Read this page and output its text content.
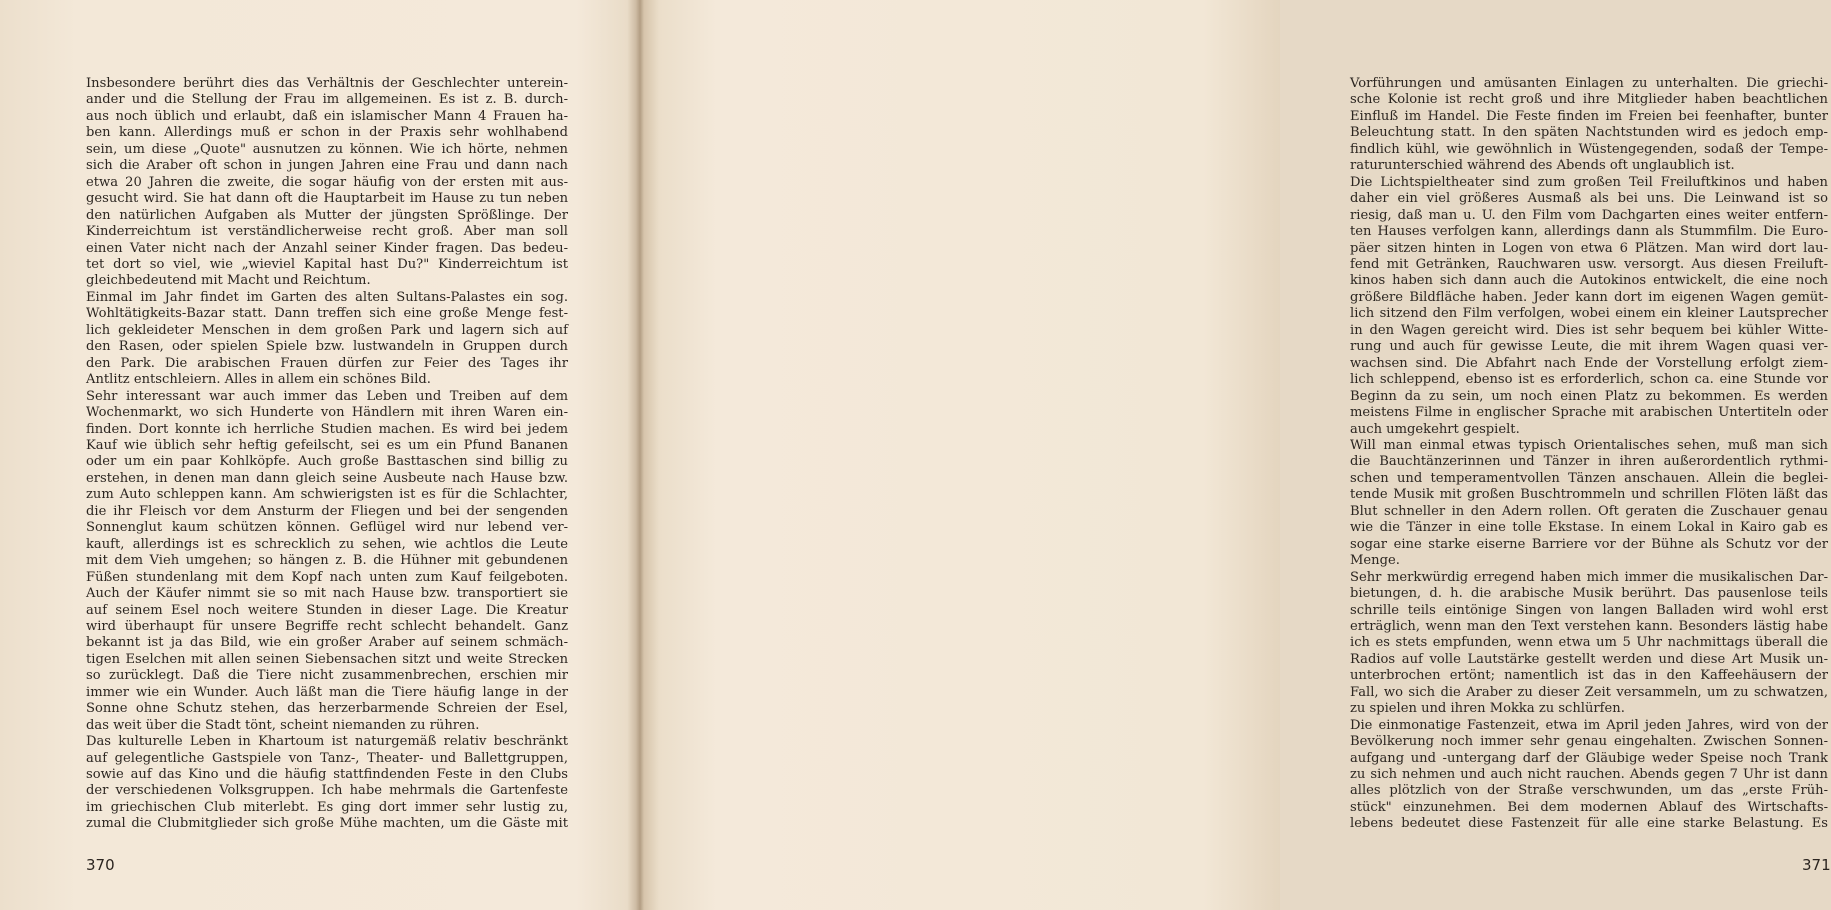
Insbesondere berührt dies das Verhältnis der Geschlechter unterein-
ander und die Stellung der Frau im allgemeinen. Es ist z. B. durch-
aus noch üblich und erlaubt, daß ein islamischer Mann 4 Frauen ha-
ben kann. Allerdings muß er schon in der Praxis sehr wohlhabend
sein, um diese „Quote" ausnutzen zu können. Wie ich hörte, nehmen
sich die Araber oft schon in jungen Jahren eine Frau und dann nach
etwa 20 Jahren die zweite, die sogar häufig von der ersten mit aus-
gesucht wird. Sie hat dann oft die Hauptarbeit im Hause zu tun neben
den natürlichen Aufgaben als Mutter der jüngsten Sprößlinge. Der
Kinderreichtum ist verständlicherweise recht groß. Aber man soll
einen Vater nicht nach der Anzahl seiner Kinder fragen. Das bedeu-
tet dort so viel, wie „wieviel Kapital hast Du?" Kinderreichtum ist
gleichbedeutend mit Macht und Reichtum.
Einmal im Jahr findet im Garten des alten Sultans-Palastes ein sog.
Wohltätigkeits-Bazar statt. Dann treffen sich eine große Menge fest-
lich gekleideter Menschen in dem großen Park und lagern sich auf
den Rasen, oder spielen Spiele bzw. lustwandeln in Gruppen durch
den Park. Die arabischen Frauen dürfen zur Feier des Tages ihr
Antlitz entschleiern. Alles in allem ein schönes Bild.
Sehr interessant war auch immer das Leben und Treiben auf dem
Wochenmarkt, wo sich Hunderte von Händlern mit ihren Waren ein-
finden. Dort konnte ich herrliche Studien machen. Es wird bei jedem
Kauf wie üblich sehr heftig gefeilscht, sei es um ein Pfund Bananen
oder um ein paar Kohlköpfe. Auch große Basttaschen sind billig zu
erstehen, in denen man dann gleich seine Ausbeute nach Hause bzw.
zum Auto schleppen kann. Am schwierigsten ist es für die Schlachter,
die ihr Fleisch vor dem Ansturm der Fliegen und bei der sengenden
Sonnenglut kaum schützen können. Geflügel wird nur lebend ver-
kauft, allerdings ist es schrecklich zu sehen, wie achtlos die Leute
mit dem Vieh umgehen; so hängen z. B. die Hühner mit gebundenen
Füßen stundenlang mit dem Kopf nach unten zum Kauf feilgeboten.
Auch der Käufer nimmt sie so mit nach Hause bzw. transportiert sie
auf seinem Esel noch weitere Stunden in dieser Lage. Die Kreatur
wird überhaupt für unsere Begriffe recht schlecht behandelt. Ganz
bekannt ist ja das Bild, wie ein großer Araber auf seinem schmäch-
tigen Eselchen mit allen seinen Siebensachen sitzt und weite Strecken
so zurücklegt. Daß die Tiere nicht zusammenbrechen, erschien mir
immer wie ein Wunder. Auch läßt man die Tiere häufig lange in der
Sonne ohne Schutz stehen, das herzerbarmende Schreien der Esel,
das weit über die Stadt tönt, scheint niemanden zu rühren.
Das kulturelle Leben in Khartoum ist naturgemäß relativ beschränkt
auf gelegentliche Gastspiele von Tanz-, Theater- und Ballettgruppen,
sowie auf das Kino und die häufig stattfindenden Feste in den Clubs
der verschiedenen Volksgruppen. Ich habe mehrmals die Gartenfeste
im griechischen Club miterlebt. Es ging dort immer sehr lustig zu,
zumal die Clubmitglieder sich große Mühe machten, um die Gäste mit
370
Vorführungen und amüsanten Einlagen zu unterhalten. Die griechi-
sche Kolonie ist recht groß und ihre Mitglieder haben beachtlichen
Einfluß im Handel. Die Feste finden im Freien bei feenhafter, bunter
Beleuchtung statt. In den späten Nachtstunden wird es jedoch emp-
findlich kühl, wie gewöhnlich in Wüstengegenden, sodaß der Tempe-
raturunterschied während des Abends oft unglaublich ist.
Die Lichtspieltheater sind zum großen Teil Freiluftkinos und haben
daher ein viel größeres Ausmaß als bei uns. Die Leinwand ist so
riesig, daß man u. U. den Film vom Dachgarten eines weiter entfern-
ten Hauses verfolgen kann, allerdings dann als Stummfilm. Die Euro-
päer sitzen hinten in Logen von etwa 6 Plätzen. Man wird dort lau-
fend mit Getränken, Rauchwaren usw. versorgt. Aus diesen Freiluft-
kinos haben sich dann auch die Autokinos entwickelt, die eine noch
größere Bildfläche haben. Jeder kann dort im eigenen Wagen gemüt-
lich sitzend den Film verfolgen, wobei einem ein kleiner Lautsprecher
in den Wagen gereicht wird. Dies ist sehr bequem bei kühler Witte-
rung und auch für gewisse Leute, die mit ihrem Wagen quasi ver-
wachsen sind. Die Abfahrt nach Ende der Vorstellung erfolgt ziem-
lich schleppend, ebenso ist es erforderlich, schon ca. eine Stunde vor
Beginn da zu sein, um noch einen Platz zu bekommen. Es werden
meistens Filme in englischer Sprache mit arabischen Untertiteln oder
auch umgekehrt gespielt.
Will man einmal etwas typisch Orientalisches sehen, muß man sich
die Bauchtänzerinnen und Tänzer in ihren außerordentlich rythmi-
schen und temperamentvollen Tänzen anschauen. Allein die beglei-
tende Musik mit großen Buschtrommeln und schrillen Flöten läßt das
Blut schneller in den Adern rollen. Oft geraten die Zuschauer genau
wie die Tänzer in eine tolle Ekstase. In einem Lokal in Kairo gab es
sogar eine starke eiserne Barriere vor der Bühne als Schutz vor der
Menge.
Sehr merkwürdig erregend haben mich immer die musikalischen Dar-
bietungen, d. h. die arabische Musik berührt. Das pausenlose teils
schrille teils eintönige Singen von langen Balladen wird wohl erst
erträglich, wenn man den Text verstehen kann. Besonders lästig habe
ich es stets empfunden, wenn etwa um 5 Uhr nachmittags überall die
Radios auf volle Lautstärke gestellt werden und diese Art Musik un-
unterbrochen ertönt; namentlich ist das in den Kaffeehäusern der
Fall, wo sich die Araber zu dieser Zeit versammeln, um zu schwatzen,
zu spielen und ihren Mokka zu schlürfen.
Die einmonatige Fastenzeit, etwa im April jeden Jahres, wird von der
Bevölkerung noch immer sehr genau eingehalten. Zwischen Sonnen-
aufgang und -untergang darf der Gläubige weder Speise noch Trank
zu sich nehmen und auch nicht rauchen. Abends gegen 7 Uhr ist dann
alles plötzlich von der Straße verschwunden, um das „erste Früh-
stück" einzunehmen. Bei dem modernen Ablauf des Wirtschafts-
lebens bedeutet diese Fastenzeit für alle eine starke Belastung. Es
371
